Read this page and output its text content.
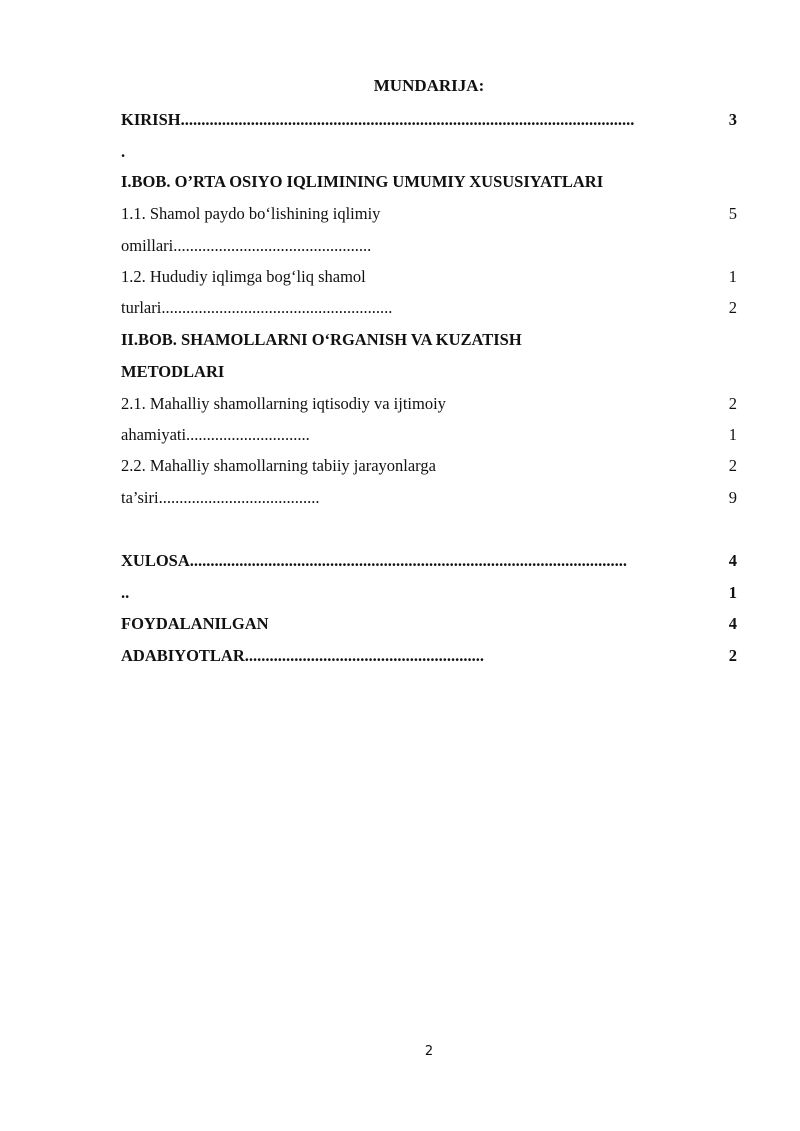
MUNDARIJA:
KIRISH..............................................................................................................	3
.
I.BOB. O’RTA OSIYO IQLIMINING UMUMIY XUSUSIYATLARI
1.1. Shamol paydo bo‘lishining iqlimiy	5
omillari................................................
1.2. Hududiy iqlimga bog‘liq shamol	1
turlari........................................................	2
II.BOB. SHAMOLLARNI O‘RGANISH VA KUZATISH
METODLARI
2.1. Mahalliy shamollarning iqtisodiy va ijtimoiy	2
ahamiyati..............................	1
2.2. Mahalliy shamollarning tabiiy jarayonlarga	2
ta’siri.......................................	9
XULOSA..........................................................................................................	4
..	1
FOYDALANILGAN	4
ADABIYOTLAR..........................................................	2
2
